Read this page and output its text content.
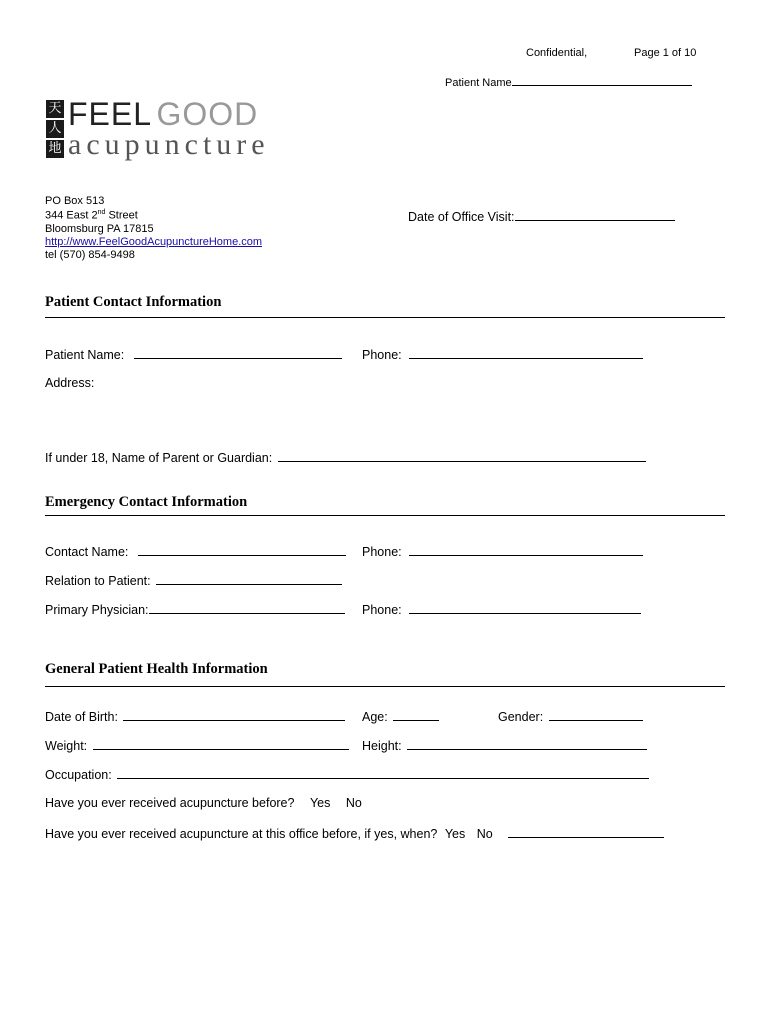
Confidential,	Page 1 of 10
Patient Name
天
人
地
FEEL GOOD
acupuncture
PO Box 513
344 East 2nd Street
Bloomsburg PA 17815
http://www.FeelGoodAcupunctureHome.com
tel (570) 854-9498
Date of Office Visit:
Patient Contact Information
Patient Name:	Phone:
Address:
If under 18, Name of Parent or Guardian:
Emergency Contact Information
Contact Name:	Phone:
Relation to Patient:
Primary Physician:	Phone:
General Patient Health Information
Date of Birth:	Age:	Gender:
Weight:	Height:
Occupation:
Have you ever received acupuncture before? Yes No
Have you ever received acupuncture at this office before, if yes, when? Yes No
